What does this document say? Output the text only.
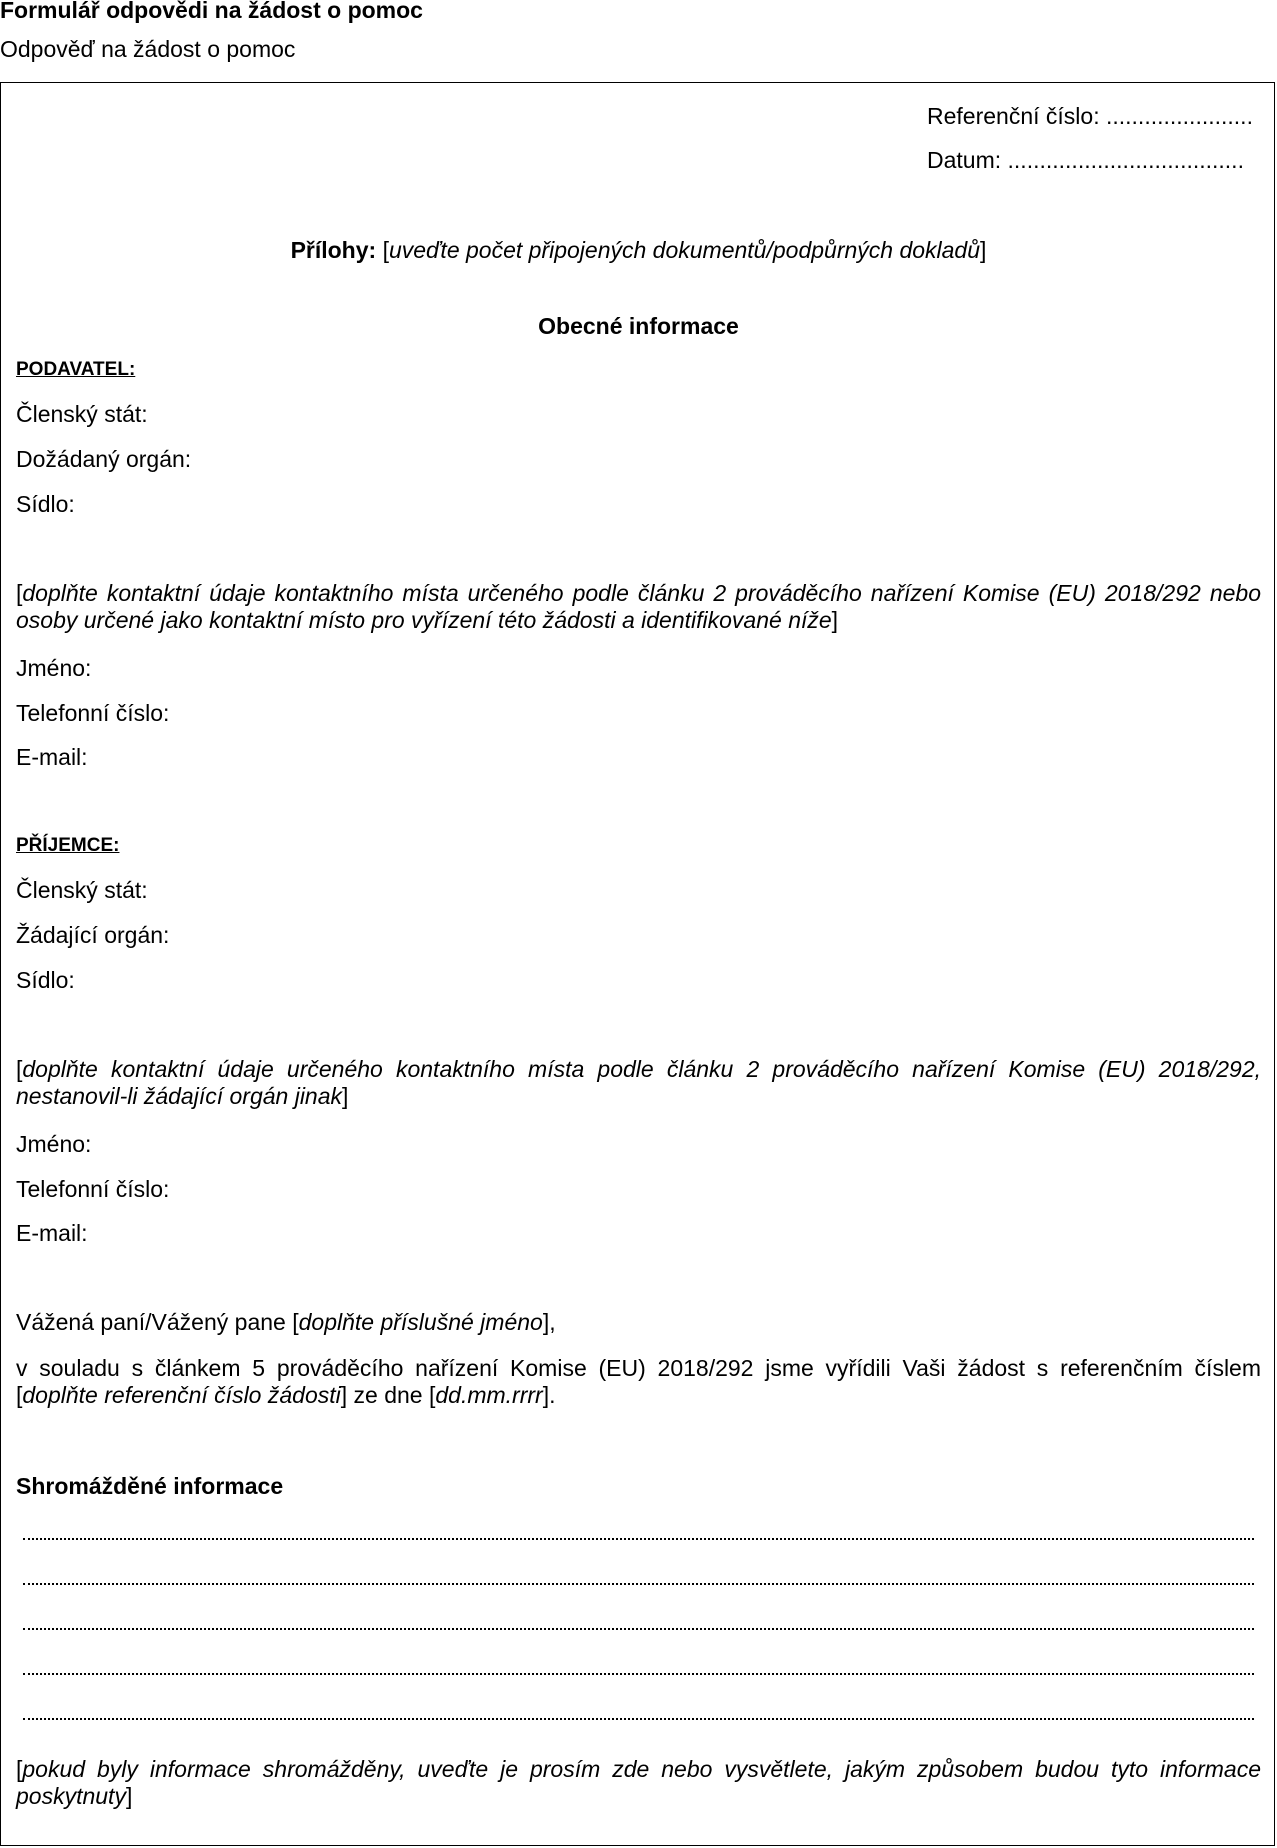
Formulář odpovědi na žádost o pomoc
Odpověď na žádost o pomoc
Referenční číslo: .......................
Datum: .....................................
Přílohy: [uveďte počet připojených dokumentů/podpůrných dokladů]
Obecné informace
PODAVATEL:
Členský stát:
Dožádaný orgán:
Sídlo:
[doplňte kontaktní údaje kontaktního místa určeného podle článku 2 prováděcího nařízení Komise (EU) 2018/292 nebo osoby určené jako kontaktní místo pro vyřízení této žádosti a identifikované níže]
Jméno:
Telefonní číslo:
E-mail:
PŘÍJEMCE:
Členský stát:
Žádající orgán:
Sídlo:
[doplňte kontaktní údaje určeného kontaktního místa podle článku 2 prováděcího nařízení Komise (EU) 2018/292, nestanovil-li žádající orgán jinak]
Jméno:
Telefonní číslo:
E-mail:
Vážená paní/Vážený pane [doplňte příslušné jméno],
v souladu s článkem 5 prováděcího nařízení Komise (EU) 2018/292 jsme vyřídili Vaši žádost s referenčním číslem [doplňte referenční číslo žádosti] ze dne [dd.mm.rrrr].
Shromážděné informace
[pokud byly informace shromážděny, uveďte je prosím zde nebo vysvětlete, jakým způsobem budou tyto informace poskytnuty]
